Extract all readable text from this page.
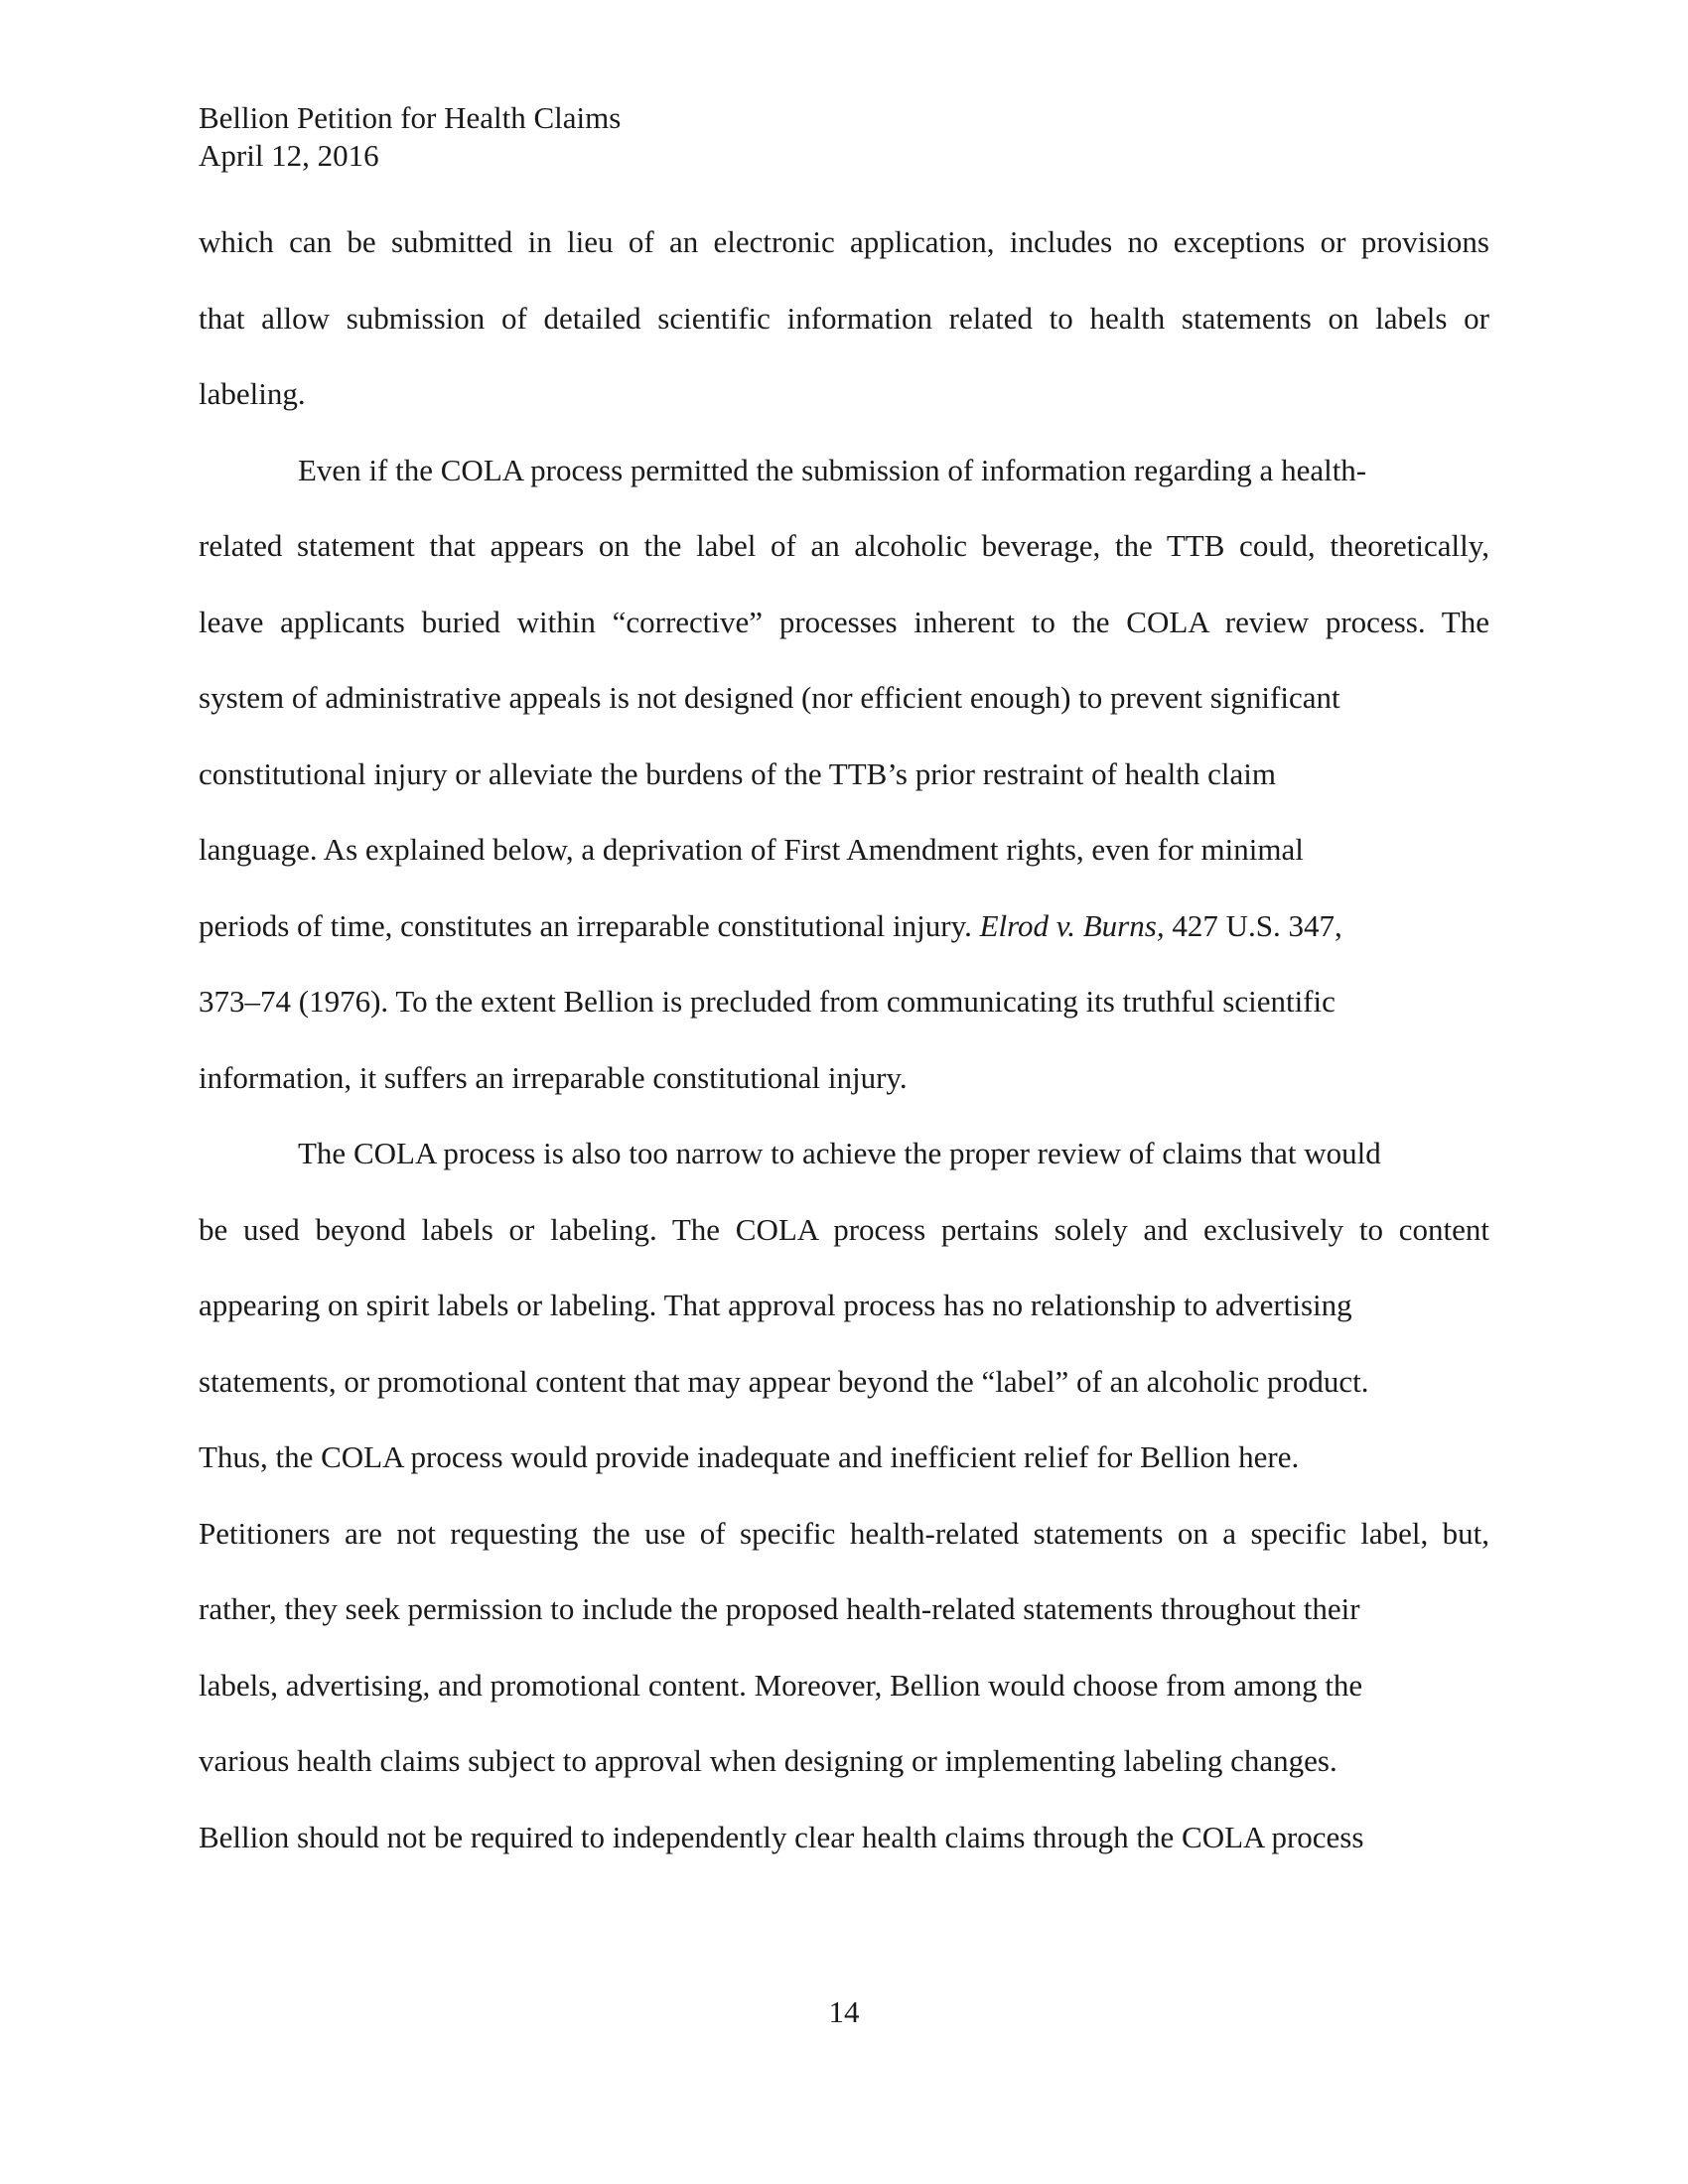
Bellion Petition for Health Claims
April 12, 2016

which can be submitted in lieu of an electronic application, includes no exceptions or provisions
that allow submission of detailed scientific information related to health statements on labels or
labeling.

Even if the COLA process permitted the submission of information regarding a health-
related statement that appears on the label of an alcoholic beverage, the TTB could, theoretically,
leave applicants buried within “corrective” processes inherent to the COLA review process. The
system of administrative appeals is not designed (nor efficient enough) to prevent significant
constitutional injury or alleviate the burdens of the TTB’s prior restraint of health claim
language. As explained below, a deprivation of First Amendment rights, even for minimal
periods of time, constitutes an irreparable constitutional injury. Elrod v. Burns, 427 U.S. 347,
373–74 (1976). To the extent Bellion is precluded from communicating its truthful scientific
information, it suffers an irreparable constitutional injury.

The COLA process is also too narrow to achieve the proper review of claims that would
be used beyond labels or labeling. The COLA process pertains solely and exclusively to content
appearing on spirit labels or labeling. That approval process has no relationship to advertising
statements, or promotional content that may appear beyond the “label” of an alcoholic product.
Thus, the COLA process would provide inadequate and inefficient relief for Bellion here.
Petitioners are not requesting the use of specific health-related statements on a specific label, but,
rather, they seek permission to include the proposed health-related statements throughout their
labels, advertising, and promotional content. Moreover, Bellion would choose from among the
various health claims subject to approval when designing or implementing labeling changes.
Bellion should not be required to independently clear health claims through the COLA process

14
